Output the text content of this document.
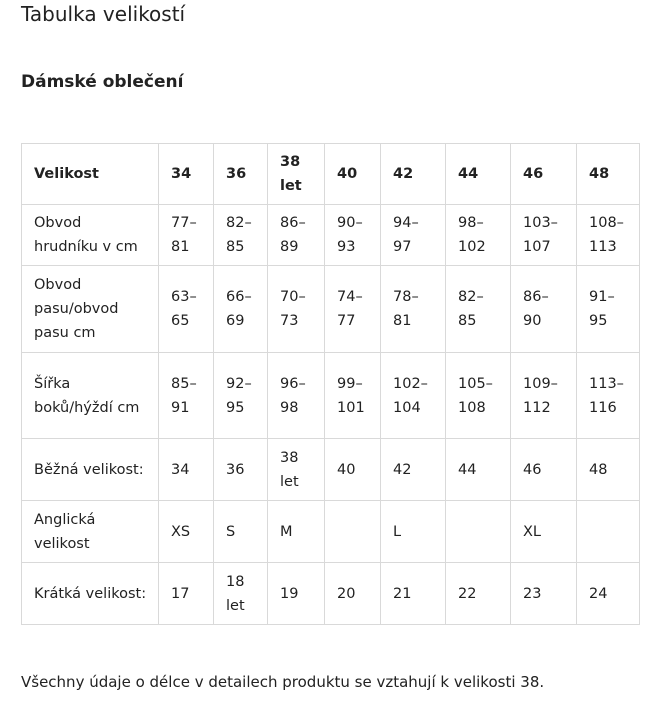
Tabulka velikostí
Dámské oblečení
Velikost	34	36	38 let	40	42	44	46	48
Obvod hrudníku v cm	77–81	82–85	86–89	90–93	94–97	98–102	103–107	108–113
Obvod pasu/obvod pasu cm	63–65	66–69	70–73	74–77	78–81	82–85	86–90	91–95
Šířka boků/hýždí cm	85–91	92–95	96–98	99–101	102–104	105–108	109–112	113–116
Běžná velikost:	34	36	38 let	40	42	44	46	48
Anglická velikost	XS	S	M		L		XL	
Krátká velikost:	17	18 let	19	20	21	22	23	24

Všechny údaje o délce v detailech produktu se vztahují k velikosti 38.
